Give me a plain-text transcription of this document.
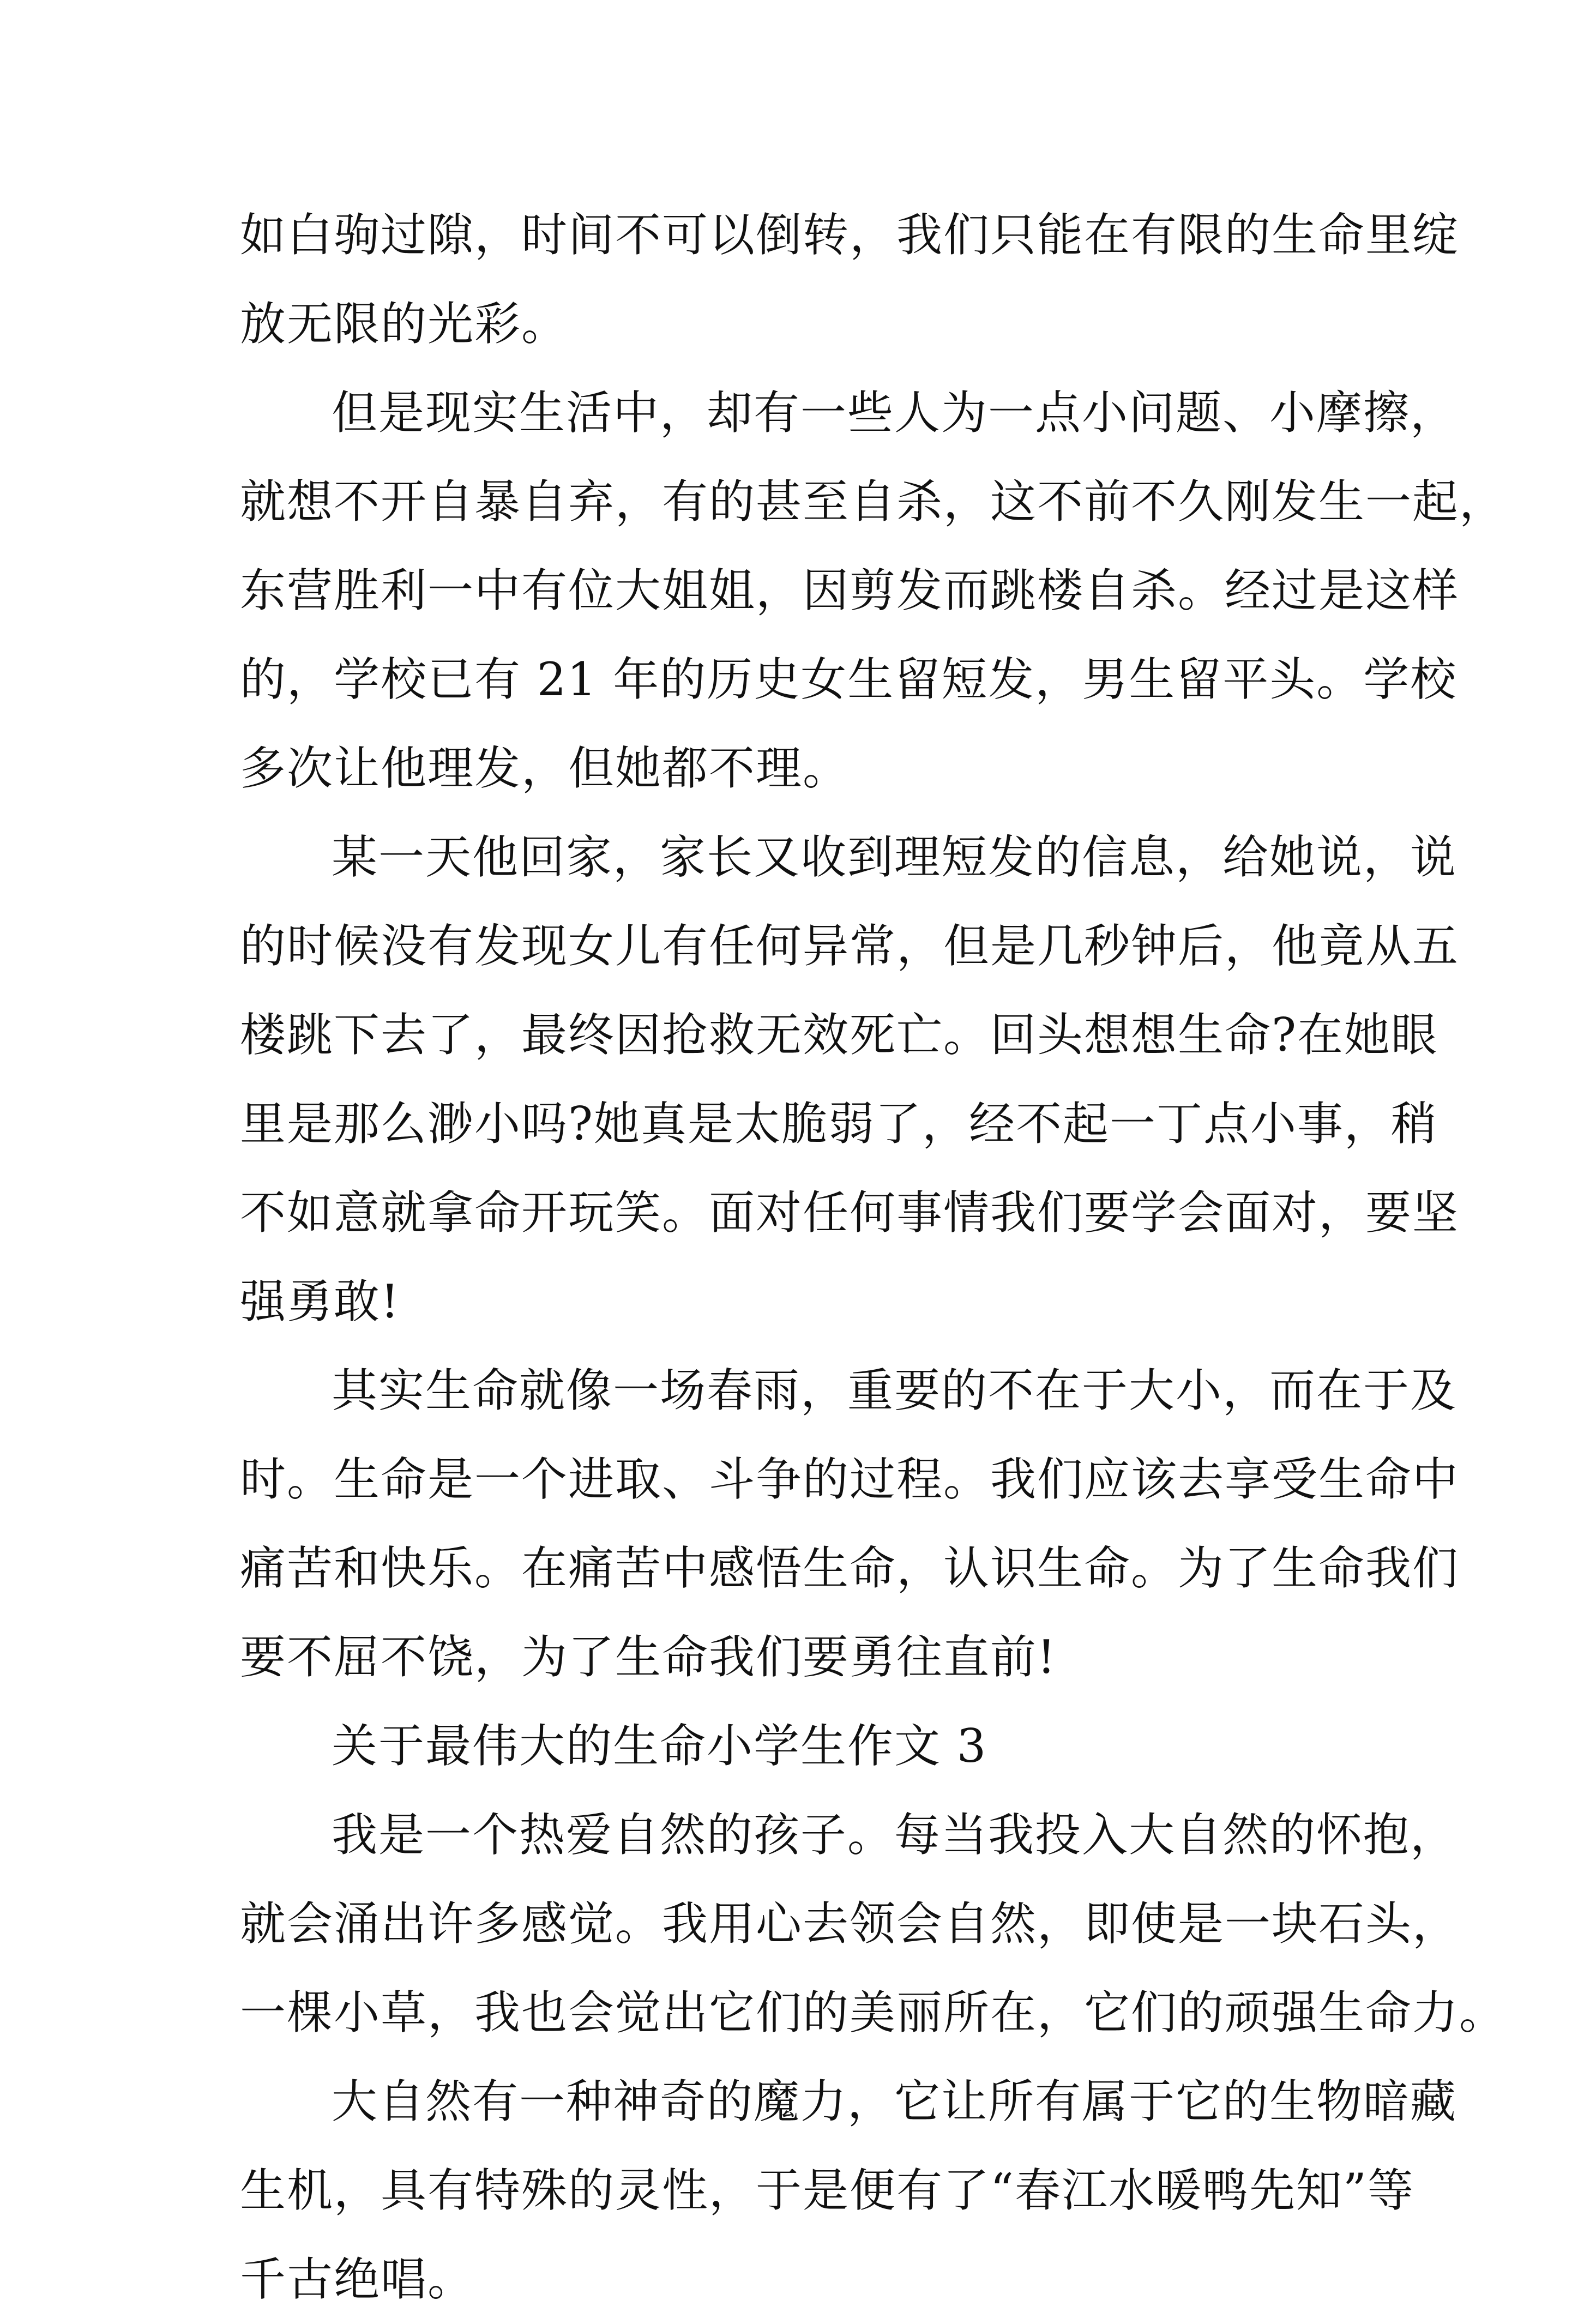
如白驹过隙，时间不可以倒转，我们只能在有限的生命里绽
放无限的光彩。
但是现实生活中，却有一些人为一点小问题、小摩擦，
就想不开自暴自弃，有的甚至自杀，这不前不久刚发生一起，
东营胜利一中有位大姐姐，因剪发而跳楼自杀。经过是这样
的，学校已有 21 年的历史女生留短发，男生留平头。学校
多次让他理发，但她都不理。
某一天他回家，家长又收到理短发的信息，给她说，说
的时候没有发现女儿有任何异常，但是几秒钟后，他竟从五
楼跳下去了，最终因抢救无效死亡。回头想想生命?在她眼
里是那么渺小吗?她真是太脆弱了，经不起一丁点小事，稍
不如意就拿命开玩笑。面对任何事情我们要学会面对，要坚
强勇敢!
其实生命就像一场春雨，重要的不在于大小，而在于及
时。生命是一个进取、斗争的过程。我们应该去享受生命中
痛苦和快乐。在痛苦中感悟生命，认识生命。为了生命我们
要不屈不饶，为了生命我们要勇往直前!
关于最伟大的生命小学生作文 3
我是一个热爱自然的孩子。每当我投入大自然的怀抱，
就会涌出许多感觉。我用心去领会自然，即使是一块石头，
一棵小草，我也会觉出它们的美丽所在，它们的顽强生命力。
大自然有一种神奇的魔力，它让所有属于它的生物暗藏
生机，具有特殊的灵性，于是便有了“春江水暖鸭先知”等
千古绝唱。
